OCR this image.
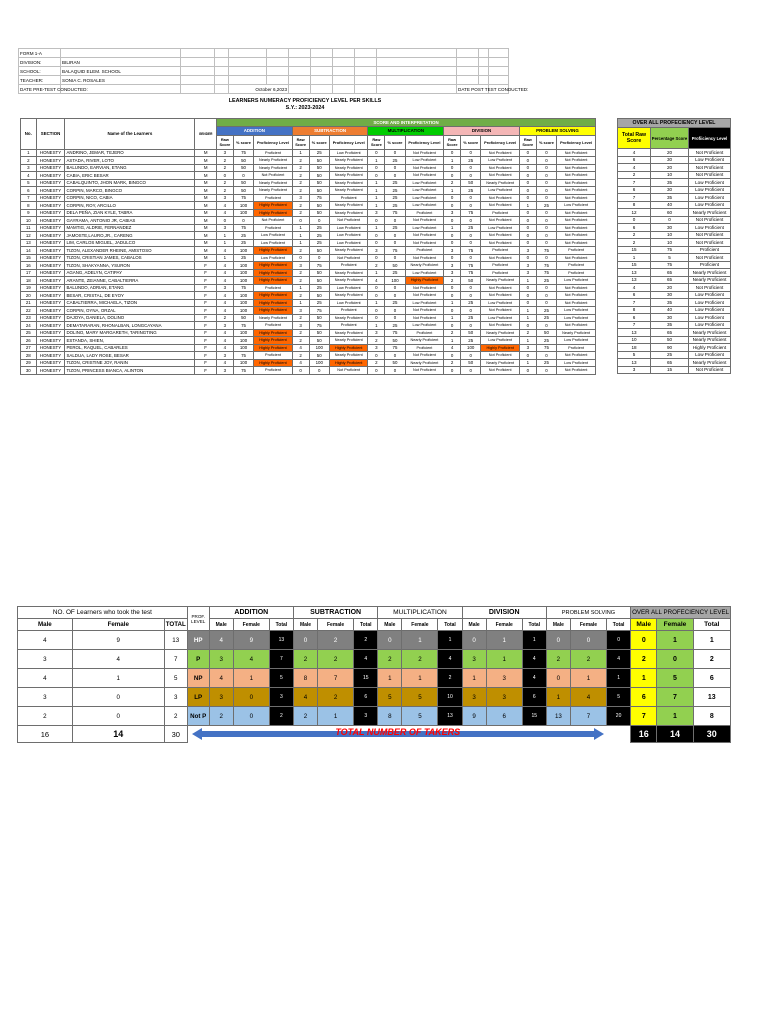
FORM 1-A														
DIVISION:	BILIRAN													
SCHOOL:	BALAQUID ELEM. SCHOOL													
TEACHER:	SONIA C. ROSALES													
DATE PRE-TEST CONDUCTED:				October 6,2023							DATE POST TEST CONDUCTED:			
LEARNERS NUMERACY PROFICIENCY LEVEL PER SKILLS
S.Y.: 2023-2024
No.	SECTION	Name of the Learners	GENDER	SCORE AND INTERPRETATION														
				ADDITION			SUBTRACTION			MULTIPLICATION			DIVISION			PROBLEM SOLVING		
				Raw Score	% score	Proficiency Level	Raw Score	% score	Proficiency Level	Raw Score	% score	Proficiency Level	Raw Score	% score	Proficiency Level	Raw Score	% score	Proficiency Level
1	HONESTY	ANDRINO, JEMAR, TEJERO	M	3	75	Proficient	1	25	Low Proficient	0	0	Not Proficient	0	0	Not Proficient	0	0	Not Proficient
2	HONESTY	ASTADA, RIVER, LOTO	M	2	50	Nearly Proficient	2	50	Nearly Proficient	1	25	Low Proficient	1	25	Low Proficient	0	0	Not Proficient
3	HONESTY	BALUNDO, EARVIAN, ETANG	M	2	50	Nearly Proficient	2	50	Nearly Proficient	0	0	Not Proficient	0	0	Not Proficient	0	0	Not Proficient
4	HONESTY	CABIA, ERIC BESAR	M	0	0	Not Proficient	2	50	Nearly Proficient	0	0	Not Proficient	0	0	Not Proficient	0	0	Not Proficient
5	HONESTY	CABALQUINTO, JHON MARK, BINGCO	M	2	50	Nearly Proficient	2	50	Nearly Proficient	1	25	Low Proficient	2	50	Nearly Proficient	0	0	Not Proficient
6	HONESTY	CORPIN, MARCO, BINGCO	M	2	50	Nearly Proficient	2	50	Nearly Proficient	1	25	Low Proficient	1	25	Low Proficient	0	0	Not Proficient
7	HONESTY	CORPIN, NICO, CABIA	M	3	75	Proficient	3	75	Proficient	1	25	Low Proficient	0	0	Not Proficient	0	0	Not Proficient
8	HONESTY	CORPIN, ROY, ARCILLO	M	4	100	Highly Proficient	2	50	Nearly Proficient	1	25	Low Proficient	0	0	Not Proficient	1	25	Low Proficient
9	HONESTY	DELA PEÑA, ZIAN KYLE, TABRA	M	4	100	Highly Proficient	2	50	Nearly Proficient	3	75	Proficient	3	75	Proficient	0	0	Not Proficient
10	HONESTY	GAYRAMA, ANTONIO JR, CABIAS	M	0	0	Not Proficient	0	0	Not Proficient	0	0	Not Proficient	0	0	Not Proficient	0	0	Not Proficient
11	HONESTY	MAMTIG, ALDRIE, FERNANDEZ	M	3	75	Proficient	1	25	Low Proficient	1	25	Low Proficient	1	25	Low Proficient	0	0	Not Proficient
12	HONESTY	JAMOSTE,LAURO,JR., CARENG	M	1	25	Low Proficient	1	25	Low Proficient	0	0	Not Proficient	0	0	Not Proficient	0	0	Not Proficient
13	HONESTY	LIM, CARLOS MIGUEL, JADULCO	M	1	25	Low Proficient	1	25	Low Proficient	0	0	Not Proficient	0	0	Not Proficient	0	0	Not Proficient
14	HONESTY	TIZON, ALEXANDER RHEINE, AMISTOSO	M	4	100	Highly Proficient	2	50	Nearly Proficient	3	75	Proficient	3	75	Proficient	3	75	Proficient
15	HONESTY	TIZON, CRISTIAN JAMES, CABALOS	M	1	25	Low Proficient	0	0	Not Proficient	0	0	Not Proficient	0	0	Not Proficient	0	0	Not Proficient
16	HONESTY	TIZON, SHAKYANNA, YSURON	F	4	100	Highly Proficient	3	75	Proficient	2	50	Nearly Proficient	3	75	Proficient	3	75	Proficient
17	HONESTY	AGANG, ADELYN, CATIPAY	F	4	100	Highly Proficient	2	50	Nearly Proficient	1	25	Low Proficient	3	75	Proficient	3	75	Proficient
18	HONESTY	ARANTE, ZEIANNE, CABALTIERRA	F	4	100	Highly Proficient	2	50	Nearly Proficient	4	100	Highly Proficient	2	50	Nearly Proficient	1	25	Low Proficient
19	HONESTY	BALUNDO, ADRIAN, ETANG	F	3	75	Proficient	1	25	Low Proficient	0	0	Not Proficient	0	0	Not Proficient	0	0	Not Proficient
20	HONESTY	BESAR, CRISTAL, DE EYOY	F	4	100	Highly Proficient	2	50	Nearly Proficient	0	0	Not Proficient	0	0	Not Proficient	0	0	Not Proficient
21	HONESTY	CABALTIERRA, MICHAELA, TIZON	F	4	100	Highly Proficient	1	25	Low Proficient	1	25	Low Proficient	1	25	Low Proficient	0	0	Not Proficient
22	HONESTY	CORPIN, OYNA, ORZAL	F	4	100	Highly Proficient	3	75	Proficient	0	0	Not Proficient	0	0	Not Proficient	1	25	Low Proficient
23	HONESTY	DAJOYA, DANIELA, DOLINO	F	2	50	Nearly Proficient	2	50	Nearly Proficient	0	0	Not Proficient	1	25	Low Proficient	1	25	Low Proficient
24	HONESTY	DEMATARARAN, RHONALBAN, LONGCAYANA	F	3	75	Proficient	3	75	Proficient	1	25	Low Proficient	0	0	Not Proficient	0	0	Not Proficient
25	HONESTY	DOLINO, MARY MARGARETH, TARINGTING	F	4	100	Highly Proficient	2	50	Nearly Proficient	3	75	Proficient	2	50	Nearly Proficient	2	50	Nearly Proficient
26	HONESTY	ESTANDA, SHIEN,	F	4	100	Highly Proficient	2	50	Nearly Proficient	2	50	Nearly Proficient	1	25	Low Proficient	1	25	Low Proficient
27	HONESTY	PEROL, RAQUEL, CABARLES	F	4	100	Highly Proficient	4	100	Highly Proficient	3	75	Proficient	4	100	Highly Proficient	3	75	Proficient
28	HONESTY	SALDUA, LADY ROSE, BESAR	F	3	75	Proficient	2	50	Nearly Proficient	0	0	Not Proficient	0	0	Not Proficient	0	0	Not Proficient
29	HONESTY	TIZON, CRISTINE JOY, RANIN	F	4	100	Highly Proficient	4	100	Highly Proficient	2	50	Nearly Proficient	2	50	Nearly Proficient	1	25	Low Proficient
30	HONESTY	TIZON, PRINCESS BIANCA, ALINTON	F	3	75	Proficient	0	0	Not Proficient	0	0	Not Proficient	0	0	Not Proficient	0	0	Not Proficient
OVER ALL PROFECIENCY LEVEL		
Total Raw Score	Percentage Score	Profiiciency Level
4	20	Not Proficient
6	30	Low Proficient
4	20	Not Proficient
2	10	Not Proficient
7	35	Low Proficient
6	30	Low Proficient
7	35	Low Proficient
8	40	Low Proficient
12	60	Nearly Proficient
0	0	Not Proficient
6	30	Low Proficient
2	10	Not Proficient
2	10	Not Proficient
15	75	Proficient
1	5	Not Proficient
15	75	Proficient
13	65	Nearly Proficient
13	65	Nearly Proficient
4	20	Not Proficient
6	30	Low Proficient
7	35	Low Proficient
8	40	Low Proficient
6	30	Low Proficient
7	35	Low Proficient
13	65	Nearly Proficient
10	50	Nearly Proficient
18	90	Highly Proficient
5	25	Low Proficient
13	65	Nearly Proficient
3	15	Not Proficient
NO. OF Learners who took the test			PROF. LEVEL	ADDITION			SUBTRACTION			MULTIPLICATION			DIVISION			PROBLEM SOLVING			OVER ALL PROFECIENCY LEVEL		
Male	Female	TOTAL		Male	Female	Total	Male	Female	Total	Male	Female	Total	Male	Female	Total	Male	Female	Total	Male	Female	Total
4	9	13	HP	4	9	13	0	2	2	0	1	1	0	1	1	0	0	0	0	1	1
3	4	7	P	3	4	7	2	2	4	2	2	4	3	1	4	2	2	4	2	0	2
4	1	5	NP	4	1	5	8	7	15	1	1	2	1	3	4	0	1	1	1	5	6
3	0	3	LP	3	0	3	4	2	6	5	5	10	3	3	6	1	4	5	6	7	13
2	0	2	Not P	2	0	2	2	1	3	8	5	13	9	6	15	13	7	20	7	1	8
16	14	30	TOTAL NUMBER OF TAKERS																16	14	30
